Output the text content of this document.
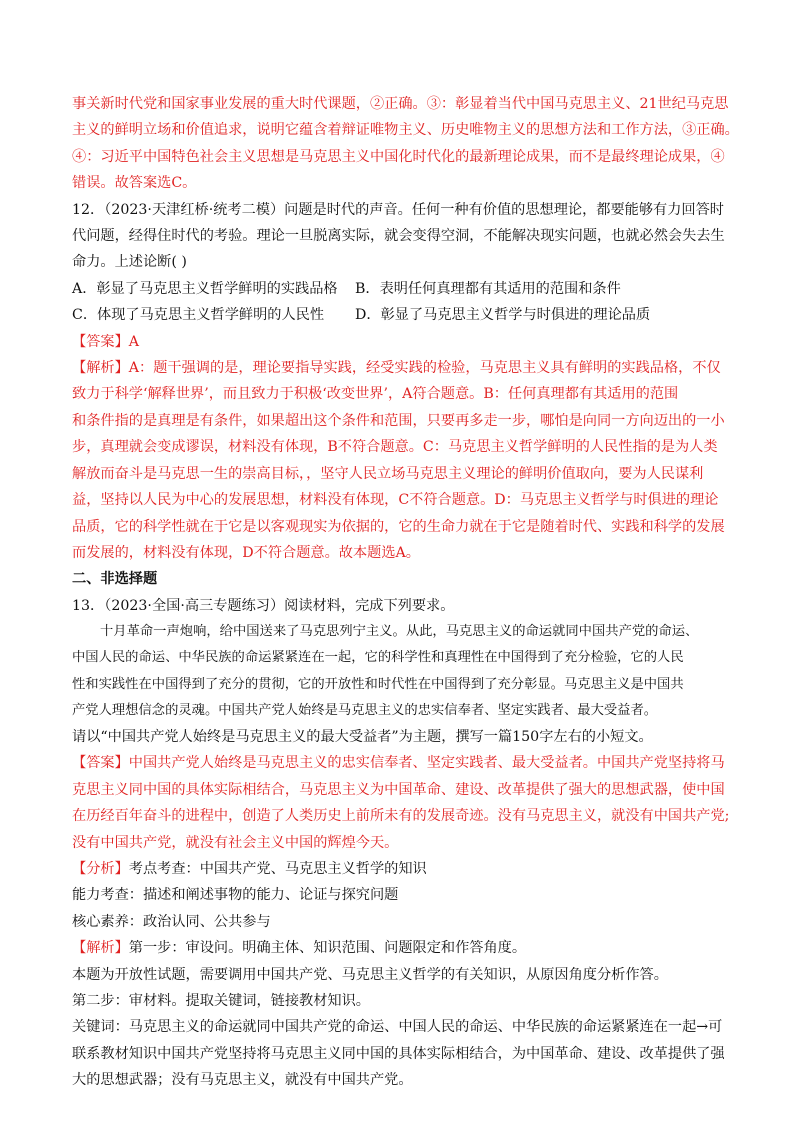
事关新时代党和国家事业发展的重大时代课题，②正确。③：彰显着当代中国马克思主义、21世纪马克思

主义的鲜明立场和价值追求，说明它蕴含着辩证唯物主义、历史唯物主义的思想方法和工作方法，③正确。

④：习近平中国特色社会主义思想是马克思主义中国化时代化的最新理论成果，而不是最终理论成果，④

错误。故答案选C。

12．（2023·天津红桥·统考二模）问题是时代的声音。任何一种有价值的思想理论，都要能够有力回答时

代问题，经得住时代的考验。理论一旦脱离实际，就会变得空洞，不能解决现实问题，也就必然会失去生

命力。上述论断( )

A．彰显了马克思主义哲学鲜明的实践品格	B．表明任何真理都有其适用的范围和条件
C．体现了马克思主义哲学鲜明的人民性	D．彰显了马克思主义哲学与时俱进的理论品质

【答案】A

【解析】A：题干强调的是，理论要指导实践，经受实践的检验，马克思主义具有鲜明的实践品格，不仅

致力于科学‘解释世界’，而且致力于积极‘改变世界’，A符合题意。B：任何真理都有其适用的范围

和条件指的是真理是有条件，如果超出这个条件和范围，只要再多走一步，哪怕是向同一方向迈出的一小

步，真理就会变成谬误，材料没有体现，B不符合题意。C：马克思主义哲学鲜明的人民性指的是为人类

解放而奋斗是马克思一生的崇高目标，，坚守人民立场马克思主义理论的鲜明价值取向，要为人民谋利

益，坚持以人民为中心的发展思想，材料没有体现，C不符合题意。D：马克思主义哲学与时俱进的理论

品质，它的科学性就在于它是以客观现实为依据的，它的生命力就在于它是随着时代、实践和科学的发展

而发展的，材料没有体现，D不符合题意。故本题选A。

二、非选择题

13．（2023·全国·高三专题练习）阅读材料，完成下列要求。

十月革命一声炮响，给中国送来了马克思列宁主义。从此，马克思主义的命运就同中国共产党的命运、

中国人民的命运、中华民族的命运紧紧连在一起，它的科学性和真理性在中国得到了充分检验，它的人民

性和实践性在中国得到了充分的贯彻，它的开放性和时代性在中国得到了充分彰显。马克思主义是中国共

产党人理想信念的灵魂。中国共产党人始终是马克思主义的忠实信奉者、坚定实践者、最大受益者。

请以“中国共产党人始终是马克思主义的最大受益者”为主题，撰写一篇150字左右的小短文。

【答案】中国共产党人始终是马克思主义的忠实信奉者、坚定实践者、最大受益者。中国共产党坚持将马

克思主义同中国的具体实际相结合，马克思主义为中国革命、建设、改革提供了强大的思想武器，使中国

在历经百年奋斗的进程中，创造了人类历史上前所未有的发展奇迹。没有马克思主义，就没有中国共产党;

没有中国共产党，就没有社会主义中国的辉煌今天。

【分析】考点考查：中国共产党、马克思主义哲学的知识

能力考查：描述和阐述事物的能力、论证与探究问题

核心素养：政治认同、公共参与

【解析】第一步：审设问。明确主体、知识范围、问题限定和作答角度。

本题为开放性试题，需要调用中国共产党、马克思主义哲学的有关知识，从原因角度分析作答。

第二步：审材料。提取关键词，链接教材知识。

关键词：马克思主义的命运就同中国共产党的命运、中国人民的命运、中华民族的命运紧紧连在一起→可

联系教材知识中国共产党坚持将马克思主义同中国的具体实际相结合，为中国革命、建设、改革提供了强

大的思想武器；没有马克思主义，就没有中国共产党。
